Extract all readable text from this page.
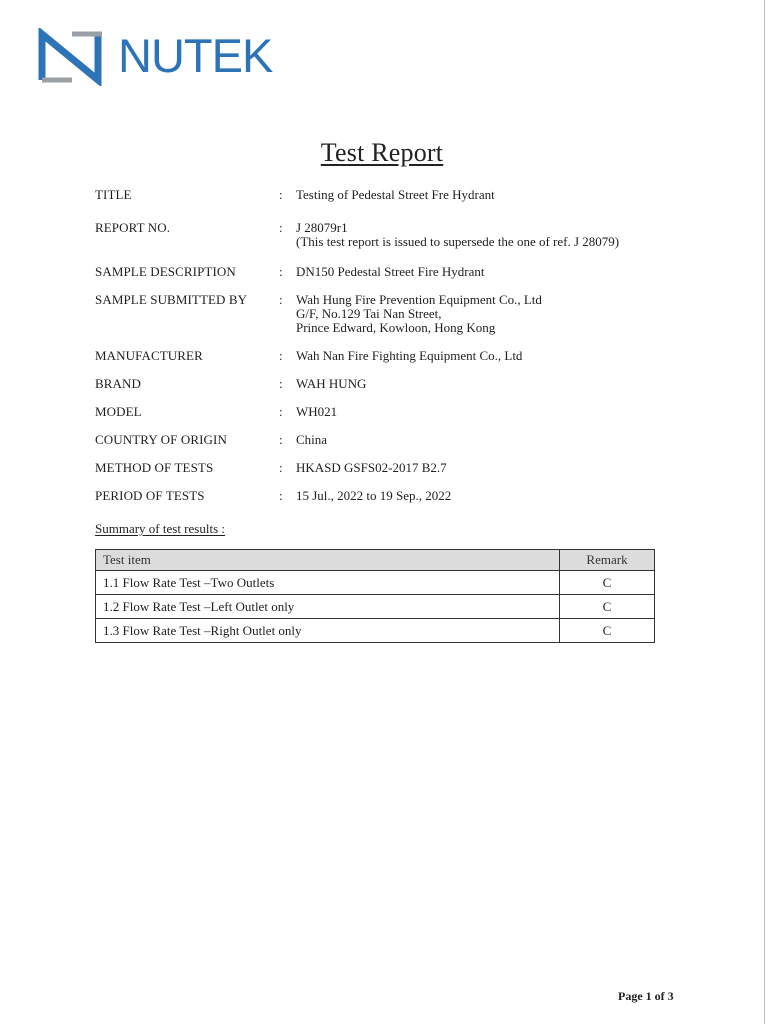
NUTEK
Test Report
TITLE	: Testing of Pedestal Street Fre Hydrant
REPORT NO.	: J 28079r1
(This test report is issued to supersede the one of ref. J 28079)
SAMPLE DESCRIPTION	: DN150 Pedestal Street Fire Hydrant
SAMPLE SUBMITTED BY : Wah Hung Fire Prevention Equipment Co., Ltd
G/F, No.129 Tai Nan Street,
Prince Edward, Kowloon, Hong Kong
MANUFACTURER	: Wah Nan Fire Fighting Equipment Co., Ltd
BRAND	: WAH HUNG
MODEL	: WH021
COUNTRY OF ORIGIN	: China
METHOD OF TESTS	: HKASD GSFS02-2017 B2.7
PERIOD OF TESTS	: 15 Jul., 2022 to 19 Sep., 2022
Summary of test results :
Test item	Remark
1.1 Flow Rate Test –Two Outlets	C
1.2 Flow Rate Test –Left Outlet only	C
1.3 Flow Rate Test –Right Outlet only	C
Page 1 of 3
